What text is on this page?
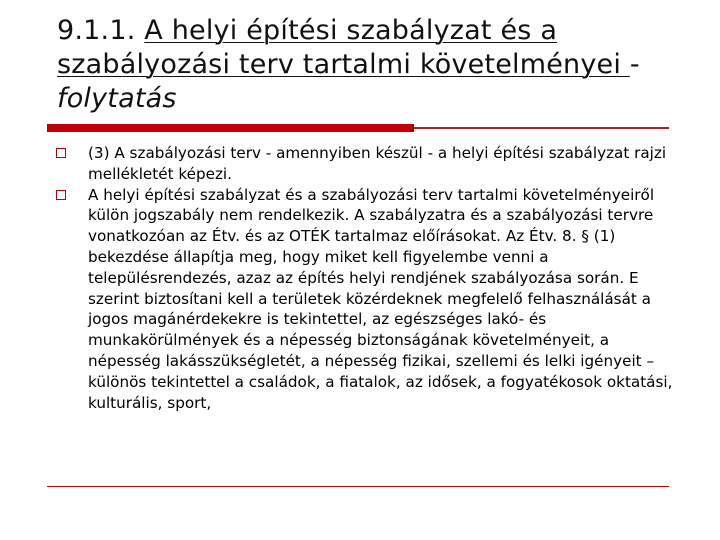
9.1.1. A helyi építési szabályzat és a
szabályozási terv tartalmi követelményei -
folytatás
(3) A szabályozási terv - amennyiben készül - a helyi építési szabályzat rajzi mellékletét képezi.
A helyi építési szabályzat és a szabályozási terv tartalmi követelményeiről külön jogszabály nem rendelkezik. A szabályzatra és a szabályozási tervre vonatkozóan az Étv. és az OTÉK tartalmaz előírásokat. Az Étv. 8. § (1) bekezdése állapítja meg, hogy miket kell figyelembe venni a településrendezés, azaz az építés helyi rendjének szabályozása során. E szerint biztosítani kell a területek közérdeknek megfelelő felhasználását a jogos magánérdekekre is tekintettel, az egészséges lakó- és munkakörülmények és a népesség biztonságának követelményeit, a népesség lakásszükségletét, a népesség fizikai, szellemi és lelki igényeit – különös tekintettel a családok, a fiatalok, az idősek, a fogyatékosok oktatási, kulturális, sport,
